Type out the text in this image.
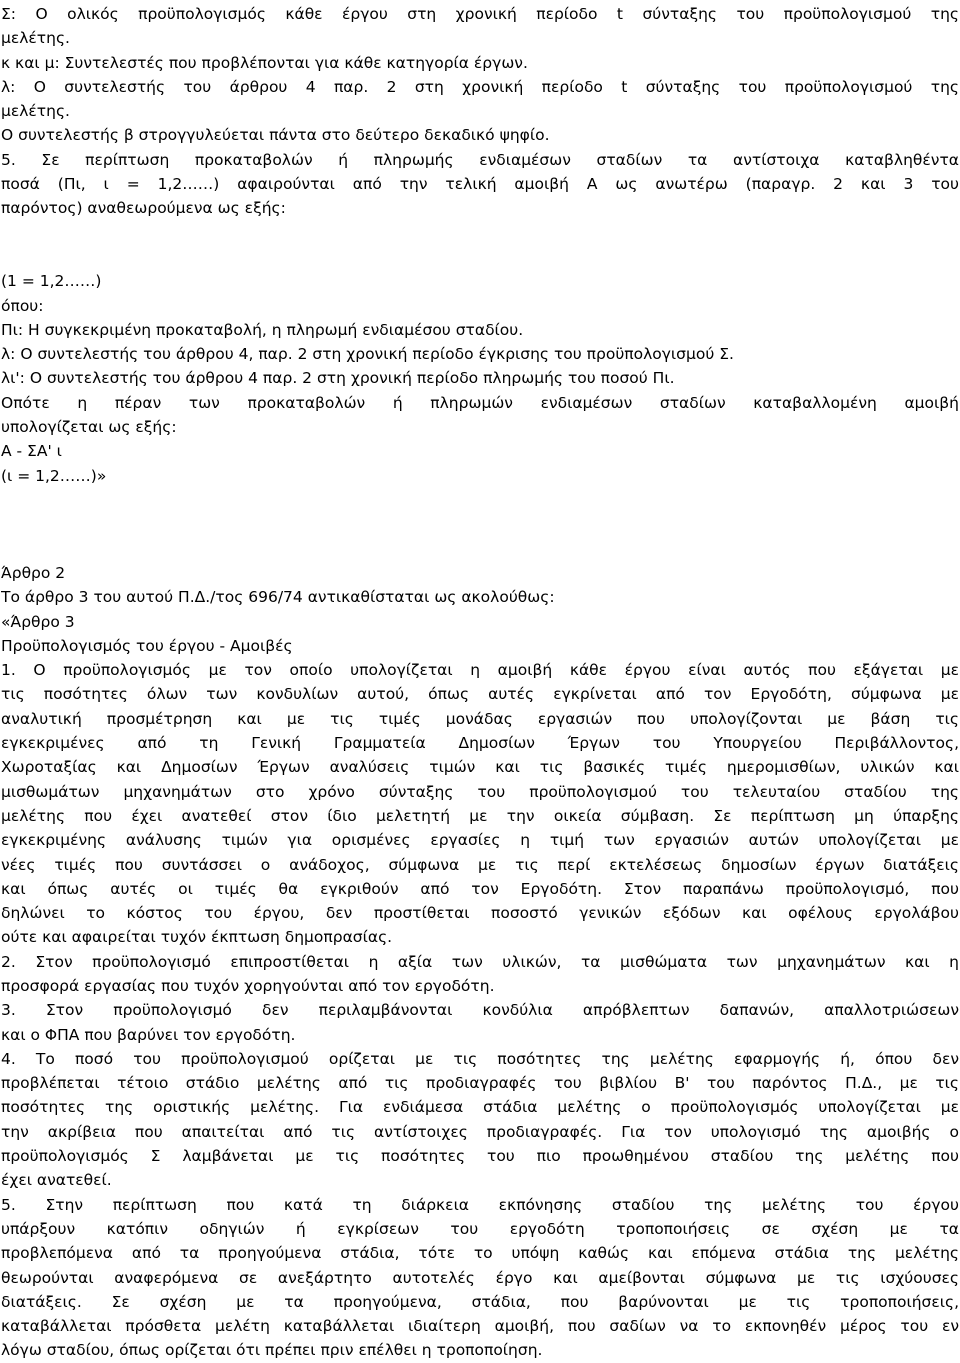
Σ: Ο ολικός προϋπολογισμός κάθε έργου στη χρονική περίοδο t σύνταξης του προϋπολογισμού της
μελέτης.
κ και μ: Συντελεστές που προβλέπονται για κάθε κατηγορία έργων.
λ: Ο συντελεστής του άρθρου 4 παρ. 2 στη χρονική περίοδο t σύνταξης του προϋπολογισμού της
μελέτης.
Ο συντελεστής β στρογγυλεύεται πάντα στο δεύτερο δεκαδικό ψηφίο.
5. Σε περίπτωση προκαταβολών ή πληρωμής ενδιαμέσων σταδίων τα αντίστοιχα καταβληθέντα
ποσά (Πι, ι = 1,2……) αφαιρούνται από την τελική αμοιβή Α ως ανωτέρω (παραγρ. 2 και 3 του
παρόντος) αναθεωρούμενα ως εξής:
(1 = 1,2……)
όπου:
Πι: Η συγκεκριμένη προκαταβολή, η πληρωμή ενδιαμέσου σταδίου.
λ: Ο συντελεστής του άρθρου 4, παρ. 2 στη χρονική περίοδο έγκρισης του προϋπολογισμού Σ.
λι': Ο συντελεστής του άρθρου 4 παρ. 2 στη χρονική περίοδο πληρωμής του ποσού Πι.
Οπότε η πέραν των προκαταβολών ή πληρωμών ενδιαμέσων σταδίων καταβαλλομένη αμοιβή
υπολογίζεται ως εξής:
Α - ΣΑ' ι
(ι = 1,2……)»
Άρθρο 2
Το άρθρο 3 του αυτού Π.Δ./τος 696/74 αντικαθίσταται ως ακολούθως:
«Άρθρο 3
Προϋπολογισμός του έργου - Αμοιβές
1. Ο προϋπολογισμός με τον οποίο υπολογίζεται η αμοιβή κάθε έργου είναι αυτός που εξάγεται με
τις ποσότητες όλων των κονδυλίων αυτού, όπως αυτές εγκρίνεται από τον Εργοδότη, σύμφωνα με
αναλυτική προσμέτρηση και με τις τιμές μονάδας εργασιών που υπολογίζονται με βάση τις
εγκεκριμένες από τη Γενική Γραμματεία Δημοσίων Έργων του Υπουργείου Περιβάλλοντος,
Χωροταξίας και Δημοσίων Έργων αναλύσεις τιμών και τις βασικές τιμές ημερομισθίων, υλικών και
μισθωμάτων μηχανημάτων στο χρόνο σύνταξης του προϋπολογισμού του τελευταίου σταδίου της
μελέτης που έχει ανατεθεί στον ίδιο μελετητή με την οικεία σύμβαση. Σε περίπτωση μη ύπαρξης
εγκεκριμένης ανάλυσης τιμών για ορισμένες εργασίες η τιμή των εργασιών αυτών υπολογίζεται με
νέες τιμές που συντάσσει ο ανάδοχος, σύμφωνα με τις περί εκτελέσεως δημοσίων έργων διατάξεις
και όπως αυτές οι τιμές θα εγκριθούν από τον Εργοδότη. Στον παραπάνω προϋπολογισμό, που
δηλώνει το κόστος του έργου, δεν προστίθεται ποσοστό γενικών εξόδων και οφέλους εργολάβου
ούτε και αφαιρείται τυχόν έκπτωση δημοπρασίας.
2. Στον προϋπολογισμό επιπροστίθεται η αξία των υλικών, τα μισθώματα των μηχανημάτων και η
προσφορά εργασίας που τυχόν χορηγούνται από τον εργοδότη.
3. Στον προϋπολογισμό δεν περιλαμβάνονται κονδύλια απρόβλεπτων δαπανών, απαλλοτριώσεων
και ο ΦΠΑ που βαρύνει τον εργοδότη.
4. Το ποσό του προϋπολογισμού ορίζεται με τις ποσότητες της μελέτης εφαρμογής ή, όπου δεν
προβλέπεται τέτοιο στάδιο μελέτης από τις προδιαγραφές του βιβλίου Β' του παρόντος Π.Δ., με τις
ποσότητες της οριστικής μελέτης. Για ενδιάμεσα στάδια μελέτης ο προϋπολογισμός υπολογίζεται με
την ακρίβεια που απαιτείται από τις αντίστοιχες προδιαγραφές. Για τον υπολογισμό της αμοιβής ο
προϋπολογισμός Σ λαμβάνεται με τις ποσότητες του πιο προωθημένου σταδίου της μελέτης που
έχει ανατεθεί.
5. Στην περίπτωση που κατά τη διάρκεια εκπόνησης σταδίου της μελέτης του έργου
υπάρξουν κατόπιν οδηγιών ή εγκρίσεων του εργοδότη τροποποιήσεις σε σχέση με τα
προβλεπόμενα από τα προηγούμενα στάδια, τότε το υπόψη καθώς και επόμενα στάδια της μελέτης
θεωρούνται αναφερόμενα σε ανεξάρτητο αυτοτελές έργο και αμείβονται σύμφωνα με τις ισχύουσες
διατάξεις. Σε σχέση με τα προηγούμενα, στάδια, που βαρύνονται με τις τροποποιήσεις,
καταβάλλεται πρόσθετα μελέτη καταβάλλεται ιδιαίτερη αμοιβή, που σαδίων να το εκπονηθέν μέρος του εν
λόγω σταδίου, όπως ορίζεται ότι πρέπει πριν επέλθει η τροποποίηση.
